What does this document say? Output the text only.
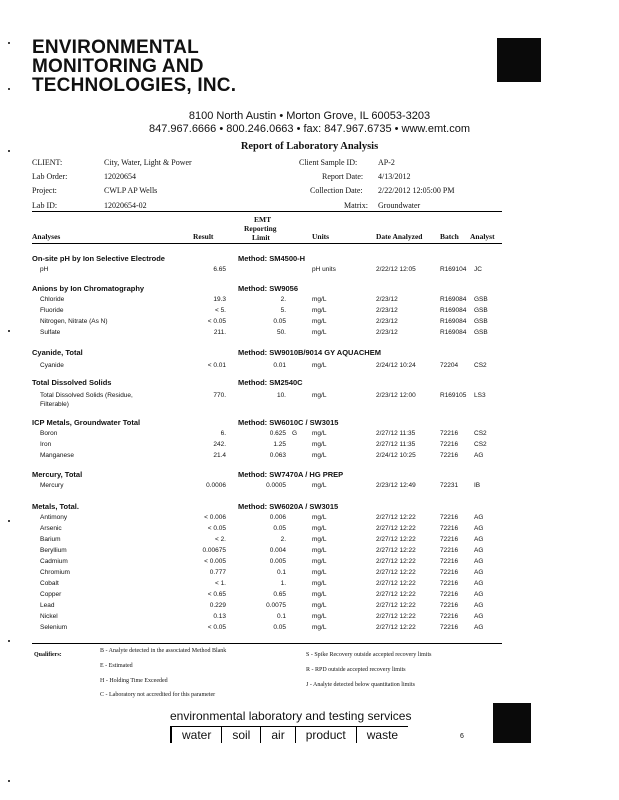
ENVIRONMENTAL
MONITORING AND
TECHNOLOGIES, INC.
8100 North Austin • Morton Grove, IL 60053-3203
847.967.6666 • 800.246.0663 • fax: 847.967.6735 • www.emt.com
Report of Laboratory Analysis
CLIENT:	City, Water, Light & Power
Lab Order:	12020654
Project:	CWLP AP Wells
Lab ID:	12020654-02
Client Sample ID:	AP-2
Report Date: 4/13/2012
Collection Date: 2/22/2012 12:05:00 PM
Matrix: Groundwater
Analyses	Result
EMT
Reporting
Limit	Units	Date Analyzed Batch Analyst
On-site pH by Ion Selective Electrode	Method: SM4500-H
pH	6.65	pH units	2/22/12 12:05	R169104 JC
Anions by Ion Chromatography	Method: SW9056
Chloride	19.3	2.	mg/L	2/23/12	R169084 GSB
Fluoride	< 5.	5.	mg/L	2/23/12	R169084 GSB
Nitrogen, Nitrate (As N)	< 0.05	0.05	mg/L	2/23/12	R169084 GSB
Sulfate	211.	50.	mg/L	2/23/12	R169084 GSB
Cyanide, Total	Method: SW9010B/9014 GY AQUACHEM
Cyanide	< 0.01	0.01	mg/L	2/24/12 10:24	72204 CS2
Total Dissolved Solids	Method: SM2540C
Total Dissolved Solids (Residue,
Filterable)
770.	10.	mg/L	2/23/12 12:00	R169105 LS3
ICP Metals, Groundwater Total	Method: SW6010C / SW3015
Boron	6.	0.625 G mg/L	2/27/12 11:35	72216 CS2
Iron	242.	1.25	mg/L	2/27/12 11:35	72216 CS2
Manganese	21.4	0.063	mg/L	2/24/12 10:25	72216 AG
Mercury, Total	Method: SW7470A / HG PREP
Mercury	0.0006	0.0005	mg/L	2/23/12 12:49	72231 IB
Metals, Total.	Method: SW6020A / SW3015
Antimony	< 0.006	0.006	mg/L	2/27/12 12:22	72216 AG
Arsenic	< 0.05	0.05	mg/L	2/27/12 12:22	72216 AG
Barium	< 2.	2.	mg/L	2/27/12 12:22	72216 AG
Beryllium	0.00675	0.004	mg/L	2/27/12 12:22	72216 AG
Cadmium	< 0.005	0.005	mg/L	2/27/12 12:22	72216 AG
Chromium	0.777	0.1	mg/L	2/27/12 12:22	72216 AG
Cobalt	< 1.	1.	mg/L	2/27/12 12:22	72216 AG
Copper	< 0.65	0.65	mg/L	2/27/12 12:22	72216 AG
Lead	0.229	0.0075	mg/L	2/27/12 12:22	72216 AG
Nickel	0.13	0.1	mg/L	2/27/12 12:22	72216 AG
Selenium	< 0.05	0.05	mg/L	2/27/12 12:22	72216 AG
Qualifiers:
B - Analyte detected in the associated Method Blank
E - Estimated
H - Holding Time Exceeded
C - Laboratory not accredited for this parameter
S - Spike Recovery outside accepted recovery limits
R - RPD outside accepted recovery limits
J - Analyte detected below quantitation limits
environmental laboratory and testing services
water	soil	air	product	waste	6
